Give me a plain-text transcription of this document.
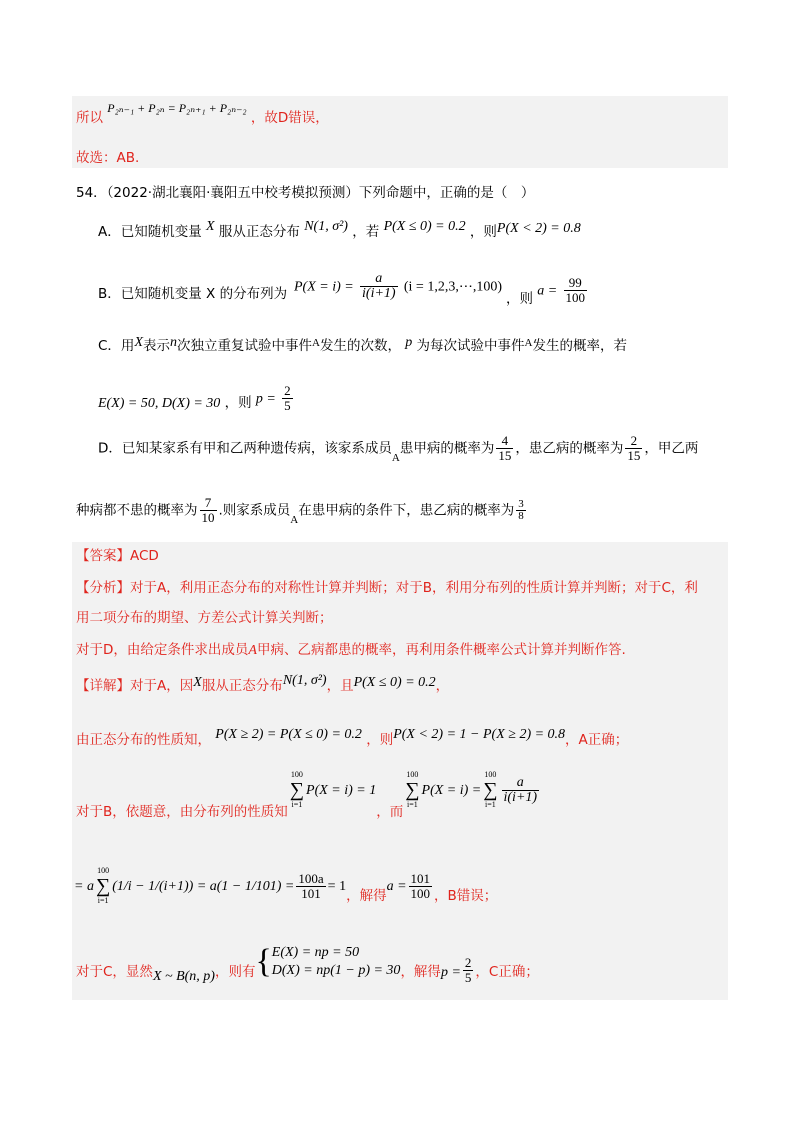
所以 P₂ₙ₋₁ + P₂ₙ = P₂ₙ₊₁ + P₂ₙ₋₂ ，故D错误，
故选：AB.
54．（2022·湖北襄阳·襄阳五中校考模拟预测）下列命题中，正确的是（　）
A．已知随机变量 X 服从正态分布 N(1, σ²) ，若 P(X ≤ 0) = 0.2 ，则P(X < 2) = 0.8
$P(X = i) = \frac{a}{i(i+1)} (i$ = 1,2,3,⋯,100)
B．已知随机变量 X 的分布列为	，则 $a = \frac{99}{100}$
C．用X表示n次独立重复试验中事件$^A$发生的次数， p 为每次试验中事件$^A$发生的概率，若
E(X) = 50, D(X) = 30 ，则 $p = \frac{2}{5}$
D．已知某家系有甲和乙两种遗传病，该家系成员$_A$患甲病的概率为 $\frac{4}{15}$ ，患乙病的概率为 $\frac{2}{15}$ ，甲乙两
种病都不患的概率为 $\frac{7}{10}$ .则家系成员$_A$在患甲病的条件下，患乙病的概率为 $\frac{3}{8}$
【答案】ACD
【分析】对于A，利用正态分布的对称性计算并判断；对于B，利用分布列的性质计算并判断；对于C，利
用二项分布的期望、方差公式计算关判断；
对于D，由给定条件求出成员A甲病、乙病都患的概率，再利用条件概率公式计算并判断作答.
【详解】对于A，因X服从正态分布N(1, σ²)，且P(X ≤ 0) = 0.2，
由正态分布的性质知， P(X ≥ 2) = P(X ≤ 0) = 0.2 ，则P(X < 2) = 1 − P(X ≥ 2) = 0.8，A正确；
对于B，依题意，由分布列的性质知
100
∑
i=1
P(X = i) = 1，而
100
∑
i=1
P(X = i) =
100
∑
$i=1 \frac{a}{i(i+1)}$
= a
100
∑
i=1
$(1/i - 1/(i+1)) = a(1 - 1/101) = \frac{100a}{101} = 1$，解得$a = \frac{101}{100}$ ，B错误；
对于C，显然X ~ B(n, p)，则有{ E(X) = np = 50
D(X) = np(1 − p) = 30 ，解得$p = \frac{2}{5}$ ，C正确；
